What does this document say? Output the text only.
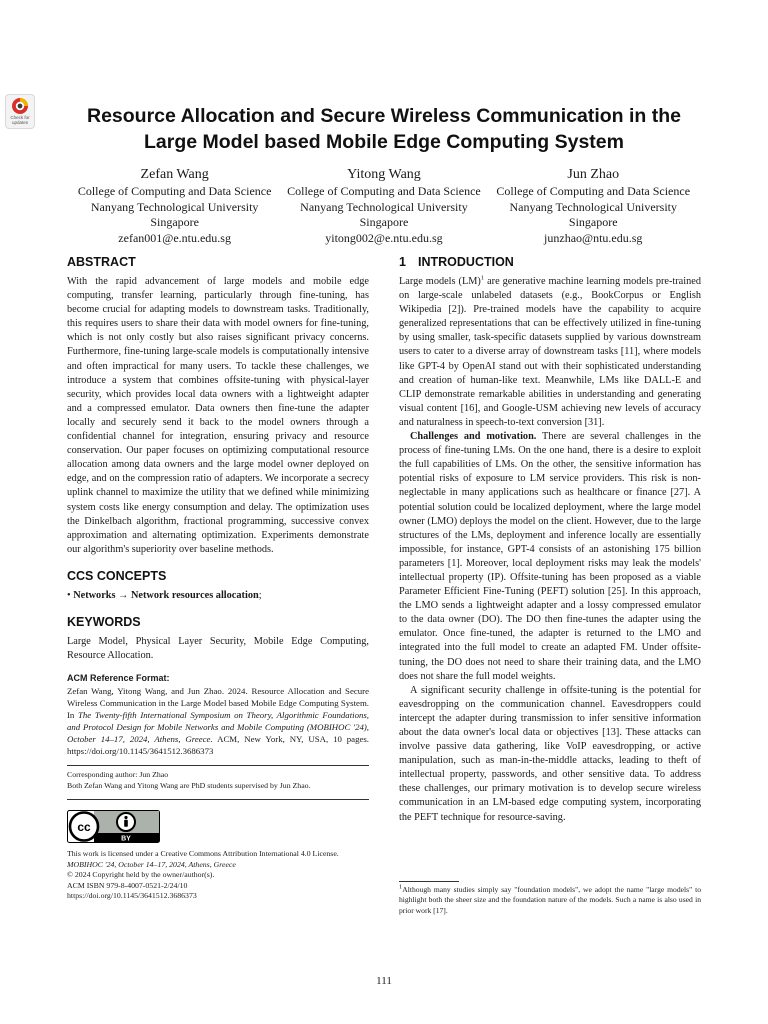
Check for updates	Resource Allocation and Secure Wireless Communication in the
Large Model based Mobile Edge Computing System
Zefan Wang
College of Computing and Data Science
Nanyang Technological University
Singapore
zefan001@e.ntu.edu.sg
Yitong Wang
College of Computing and Data Science
Nanyang Technological University
Singapore
yitong002@e.ntu.edu.sg
Jun Zhao
College of Computing and Data Science
Nanyang Technological University
Singapore
junzhao@ntu.edu.sg
ABSTRACT

With the rapid advancement of large models and mobile edge computing, transfer learning, particularly through fine-tuning, has become crucial for adapting models to downstream tasks. Traditionally, this requires users to share their data with model owners for fine-tuning, which is not only costly but also raises significant privacy concerns. Furthermore, fine-tuning large-scale models is computationally intensive and often impractical for many users. To tackle these challenges, we introduce a system that combines offsite-tuning with physical-layer security, which provides local data owners with a lightweight adapter and a compressed emulator. Data owners then fine-tune the adapter locally and securely send it back to the model owners through a confidential channel for integration, ensuring privacy and resource conservation. Our paper focuses on optimizing computational resource allocation among data owners and the large model owner deployed on edge, and on the compression ratio of adapters. We incorporate a secrecy uplink channel to maximize the utility that we defined while minimizing system costs like energy consumption and delay. The optimization uses the Dinkelbach algorithm, fractional programming, successive convex approximation and alternating optimization. Experiments demonstrate our algorithm's superiority over baseline methods.

CCS CONCEPTS

• Networks → Network resources allocation;

KEYWORDS

Large Model, Physical Layer Security, Mobile Edge Computing, Resource Allocation.

ACM Reference Format:

Zefan Wang, Yitong Wang, and Jun Zhao. 2024. Resource Allocation and Secure Wireless Communication in the Large Model based Mobile Edge Computing System. In The Twenty-fifth International Symposium on Theory, Algorithmic Foundations, and Protocol Design for Mobile Networks and Mobile Computing (MOBIHOC '24), October 14–17, 2024, Athens, Greece. ACM, New York, NY, USA, 10 pages. https://doi.org/10.1145/3641512.3686373

Corresponding author: Jun Zhao
Both Zefan Wang and Yitong Wang are PhD students supervised by Jun Zhao.
cc
BY
This work is licensed under a Creative Commons Attribution International 4.0 License.
MOBIHOC '24, October 14–17, 2024, Athens, Greece
© 2024 Copyright held by the owner/author(s).
ACM ISBN 979-8-4007-0521-2/24/10
https://doi.org/10.1145/3641512.3686373
1 INTRODUCTION

Large models (LM)$^1$ are generative machine learning models pre-trained on large-scale unlabeled datasets (e.g., BookCorpus or English Wikipedia [2]). Pre-trained models have the capability to acquire generalized representations that can be effectively utilized in fine-tuning by using smaller, task-specific datasets supplied by various downstream users to cater to a diverse array of downstream tasks [11], where models like GPT-4 by OpenAI stand out with their sophisticated understanding and creation of human-like text. Meanwhile, LMs like DALL-E and CLIP demonstrate remarkable abilities in understanding and generating visual content [16], and Google-USM achieving new levels of accuracy and naturalness in speech-to-text conversion [31].

Challenges and motivation. There are several challenges in the process of fine-tuning LMs. On the one hand, there is a desire to exploit the full capabilities of LMs. On the other, the sensitive information has potential risks of exposure to LM service providers. This risk is non-neglectable in many applications such as healthcare or finance [27]. A potential solution could be localized deployment, where the large model owner (LMO) deploys the model on the client. However, due to the large structures of the LMs, deployment and inference locally are essentially impossible, for instance, GPT-4 consists of an astonishing 175 billion parameters [1]. Moreover, local deployment risks may leak the models' intellectual property (IP). Offsite-tuning has been proposed as a viable Parameter Efficient Fine-Tuning (PEFT) solution [25]. In this approach, the LMO sends a lightweight adapter and a lossy compressed emulator to the data owner (DO). The DO then fine-tunes the adapter using the emulator. Once fine-tuned, the adapter is returned to the LMO and integrated into the full model to create an adapted FM. Under offsite-tuning, the DO does not need to share their training data, and the LMO does not share the full model weights.

A significant security challenge in offsite-tuning is the potential for eavesdropping on the communication channel. Eavesdroppers could intercept the adapter during transmission to infer sensitive information about the data owner's local data or objectives [13]. These attacks can involve passive data gathering, like VoIP eavesdropping, or active manipulation, such as man-in-the-middle attacks, leading to theft of intellectual property, passwords, and other sensitive data. To address these challenges, our primary motivation is to develop secure wireless communication in an LM-based edge computing system, incorporating the PEFT technique for resource-saving.

$^1$Although many studies simply say "foundation models", we adopt the name "large models" to highlight both the sheer size and the foundation nature of the models. Such a name is also used in prior work [17].

111
